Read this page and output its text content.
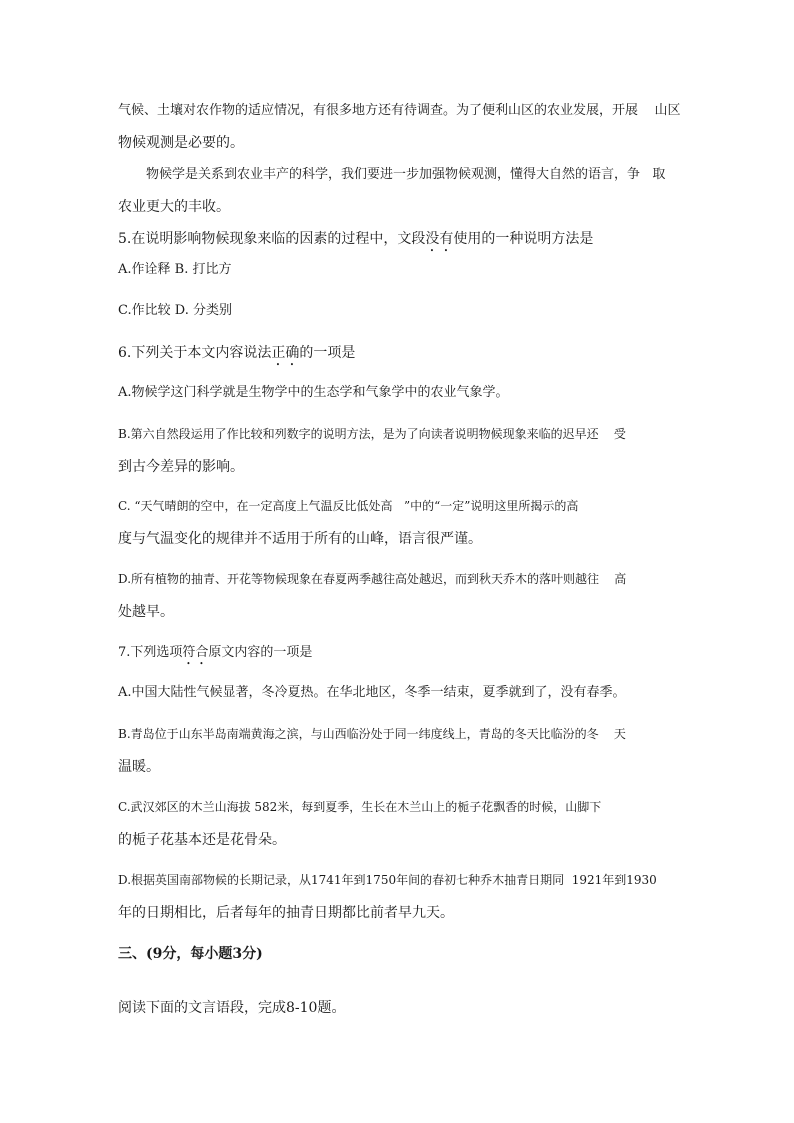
气候、土壤对农作物的适应情况，有很多地方还有待调查。为了便利山区的农业发展，开展    山区
物候观测是必要的。
物候学是关系到农业丰产的科学，我们要进一步加强物候观测，懂得大自然的语言，争   取
农业更大的丰收。
5.在说明影响物候现象来临的因素的过程中，文段没有使用的一种说明方法是
A.作诠释 B. 打比方
C.作比较 D. 分类别
6.下列关于本文内容说法正确的一项是
A.物候学这门科学就是生物学中的生态学和气象学中的农业气象学。
B.第六自然段运用了作比较和列数字的说明方法，是为了向读者说明物候现象来临的迟早还    受
到古今差异的影响。
C. “天气晴朗的空中，在一定高度上气温反比低处高   ”中的“一定”说明这里所揭示的高
度与气温变化的规律并不适用于所有的山峰，语言很严谨。
D.所有植物的抽青、开花等物候现象在春夏两季越往高处越迟，而到秋天乔木的落叶则越往    高
处越早。
7.下列选项符合原文内容的一项是
A.中国大陆性气候显著，冬冷夏热。在华北地区，冬季一结束，夏季就到了，没有春季。
B.青岛位于山东半岛南端黄海之滨，与山西临汾处于同一纬度线上，青岛的冬天比临汾的冬    天
温暖。
C.武汉郊区的木兰山海拔 582米，每到夏季，生长在木兰山上的栀子花飘香的时候，山脚下
的栀子花基本还是花骨朵。
D.根据英国南部物候的长期记录，从1741年到1750年间的春初七种乔木抽青日期同  1921年到1930
年的日期相比，后者每年的抽青日期都比前者早九天。
三、(9分，每小题3分)
阅读下面的文言语段，完成8-10题。
